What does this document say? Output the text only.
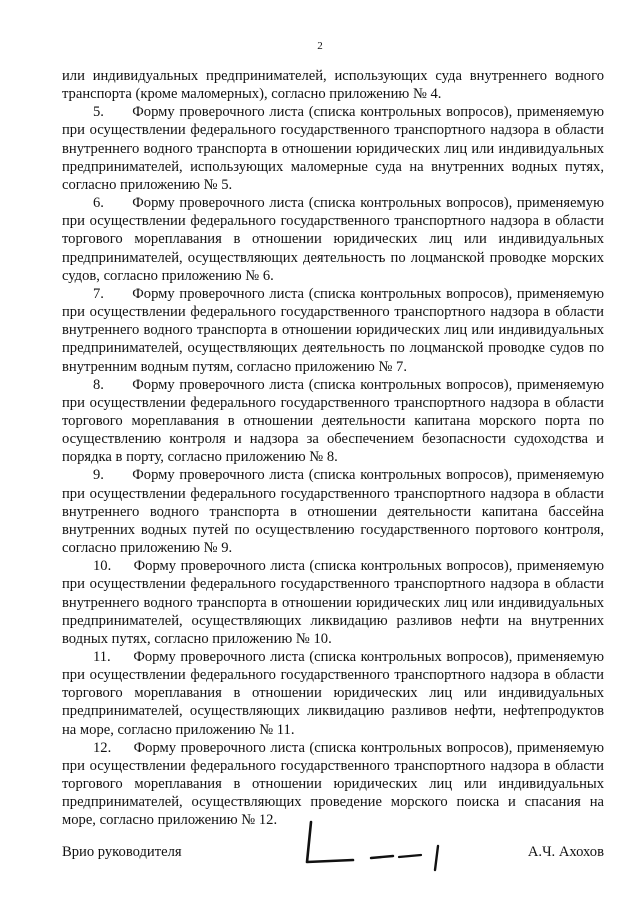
2

или индивидуальных предпринимателей, использующих суда внутреннего водного транспорта (кроме маломерных), согласно приложению № 4.

5.      Форму проверочного листа (списка контрольных вопросов), применяемую при осуществлении федерального государственного транспортного надзора в области внутреннего водного транспорта в отношении юридических лиц или индивидуальных предпринимателей, использующих маломерные суда на внутренних водных путях, согласно приложению № 5.

6.      Форму проверочного листа (списка контрольных вопросов), применяемую при осуществлении федерального государственного транспортного надзора в области торгового мореплавания в отношении юридических лиц или индивидуальных предпринимателей, осуществляющих деятельность по лоцманской проводке морских судов, согласно приложению № 6.

7.      Форму проверочного листа (списка контрольных вопросов), применяемую при осуществлении федерального государственного транспортного надзора в области внутреннего водного транспорта в отношении юридических лиц или индивидуальных предпринимателей, осуществляющих деятельность по лоцманской проводке судов по внутренним водным путям, согласно приложению № 7.

8.      Форму проверочного листа (списка контрольных вопросов), применяемую при осуществлении федерального государственного транспортного надзора в области торгового мореплавания в отношении деятельности капитана морского порта по осуществлению контроля и надзора за обеспечением безопасности судоходства и порядка в порту, согласно приложению № 8.

9.      Форму проверочного листа (списка контрольных вопросов), применяемую при осуществлении федерального государственного транспортного надзора в области внутреннего водного транспорта в отношении деятельности капитана бассейна внутренних водных путей по осуществлению государственного портового контроля, согласно приложению № 9.

10.     Форму проверочного листа (списка контрольных вопросов), применяемую при осуществлении федерального государственного транспортного надзора в области внутреннего водного транспорта в отношении юридических лиц или индивидуальных предпринимателей, осуществляющих ликвидацию разливов нефти на внутренних водных путях, согласно приложению № 10.

11.     Форму проверочного листа (списка контрольных вопросов), применяемую при осуществлении федерального государственного транспортного надзора в области торгового мореплавания в отношении юридических лиц или индивидуальных предпринимателей, осуществляющих ликвидацию разливов нефти, нефтепродуктов на море, согласно приложению № 11.

12.     Форму проверочного листа (списка контрольных вопросов), применяемую при осуществлении федерального государственного транспортного надзора в области торгового мореплавания в отношении юридических лиц или индивидуальных предпринимателей, осуществляющих проведение морского поиска и спасания на море, согласно приложению № 12.

Врио руководителя	А.Ч. Ахохов
